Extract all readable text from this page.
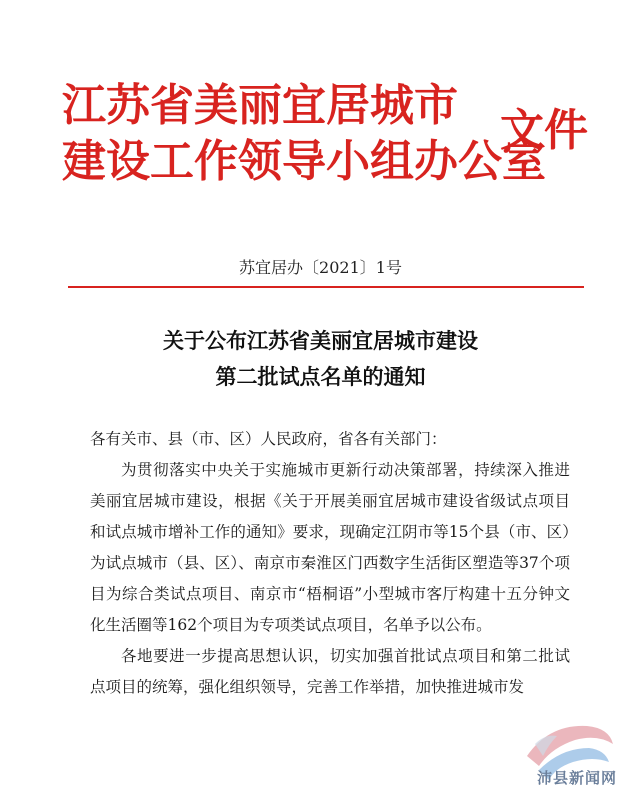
江苏省美丽宜居城市
建设工作领导小组办公室
文件
苏宜居办〔2021〕1号
关于公布江苏省美丽宜居城市建设
第二批试点名单的通知

各有关市、县（市、区）人民政府，省各有关部门：

为贯彻落实中央关于实施城市更新行动决策部署，持续深入推进美丽宜居城市建设，根据《关于开展美丽宜居城市建设省级试点项目和试点城市增补工作的通知》要求，现确定江阴市等15个县（市、区）为试点城市（县、区）、南京市秦淮区门西数字生活街区塑造等37个项目为综合类试点项目、南京市“梧桐语”小型城市客厅构建十五分钟文化生活圈等162个项目为专项类试点项目，名单予以公布。

各地要进一步提高思想认识，切实加强首批试点项目和第二批试点项目的统筹，强化组织领导，完善工作举措，加快推进城市发

沛县新闻网
